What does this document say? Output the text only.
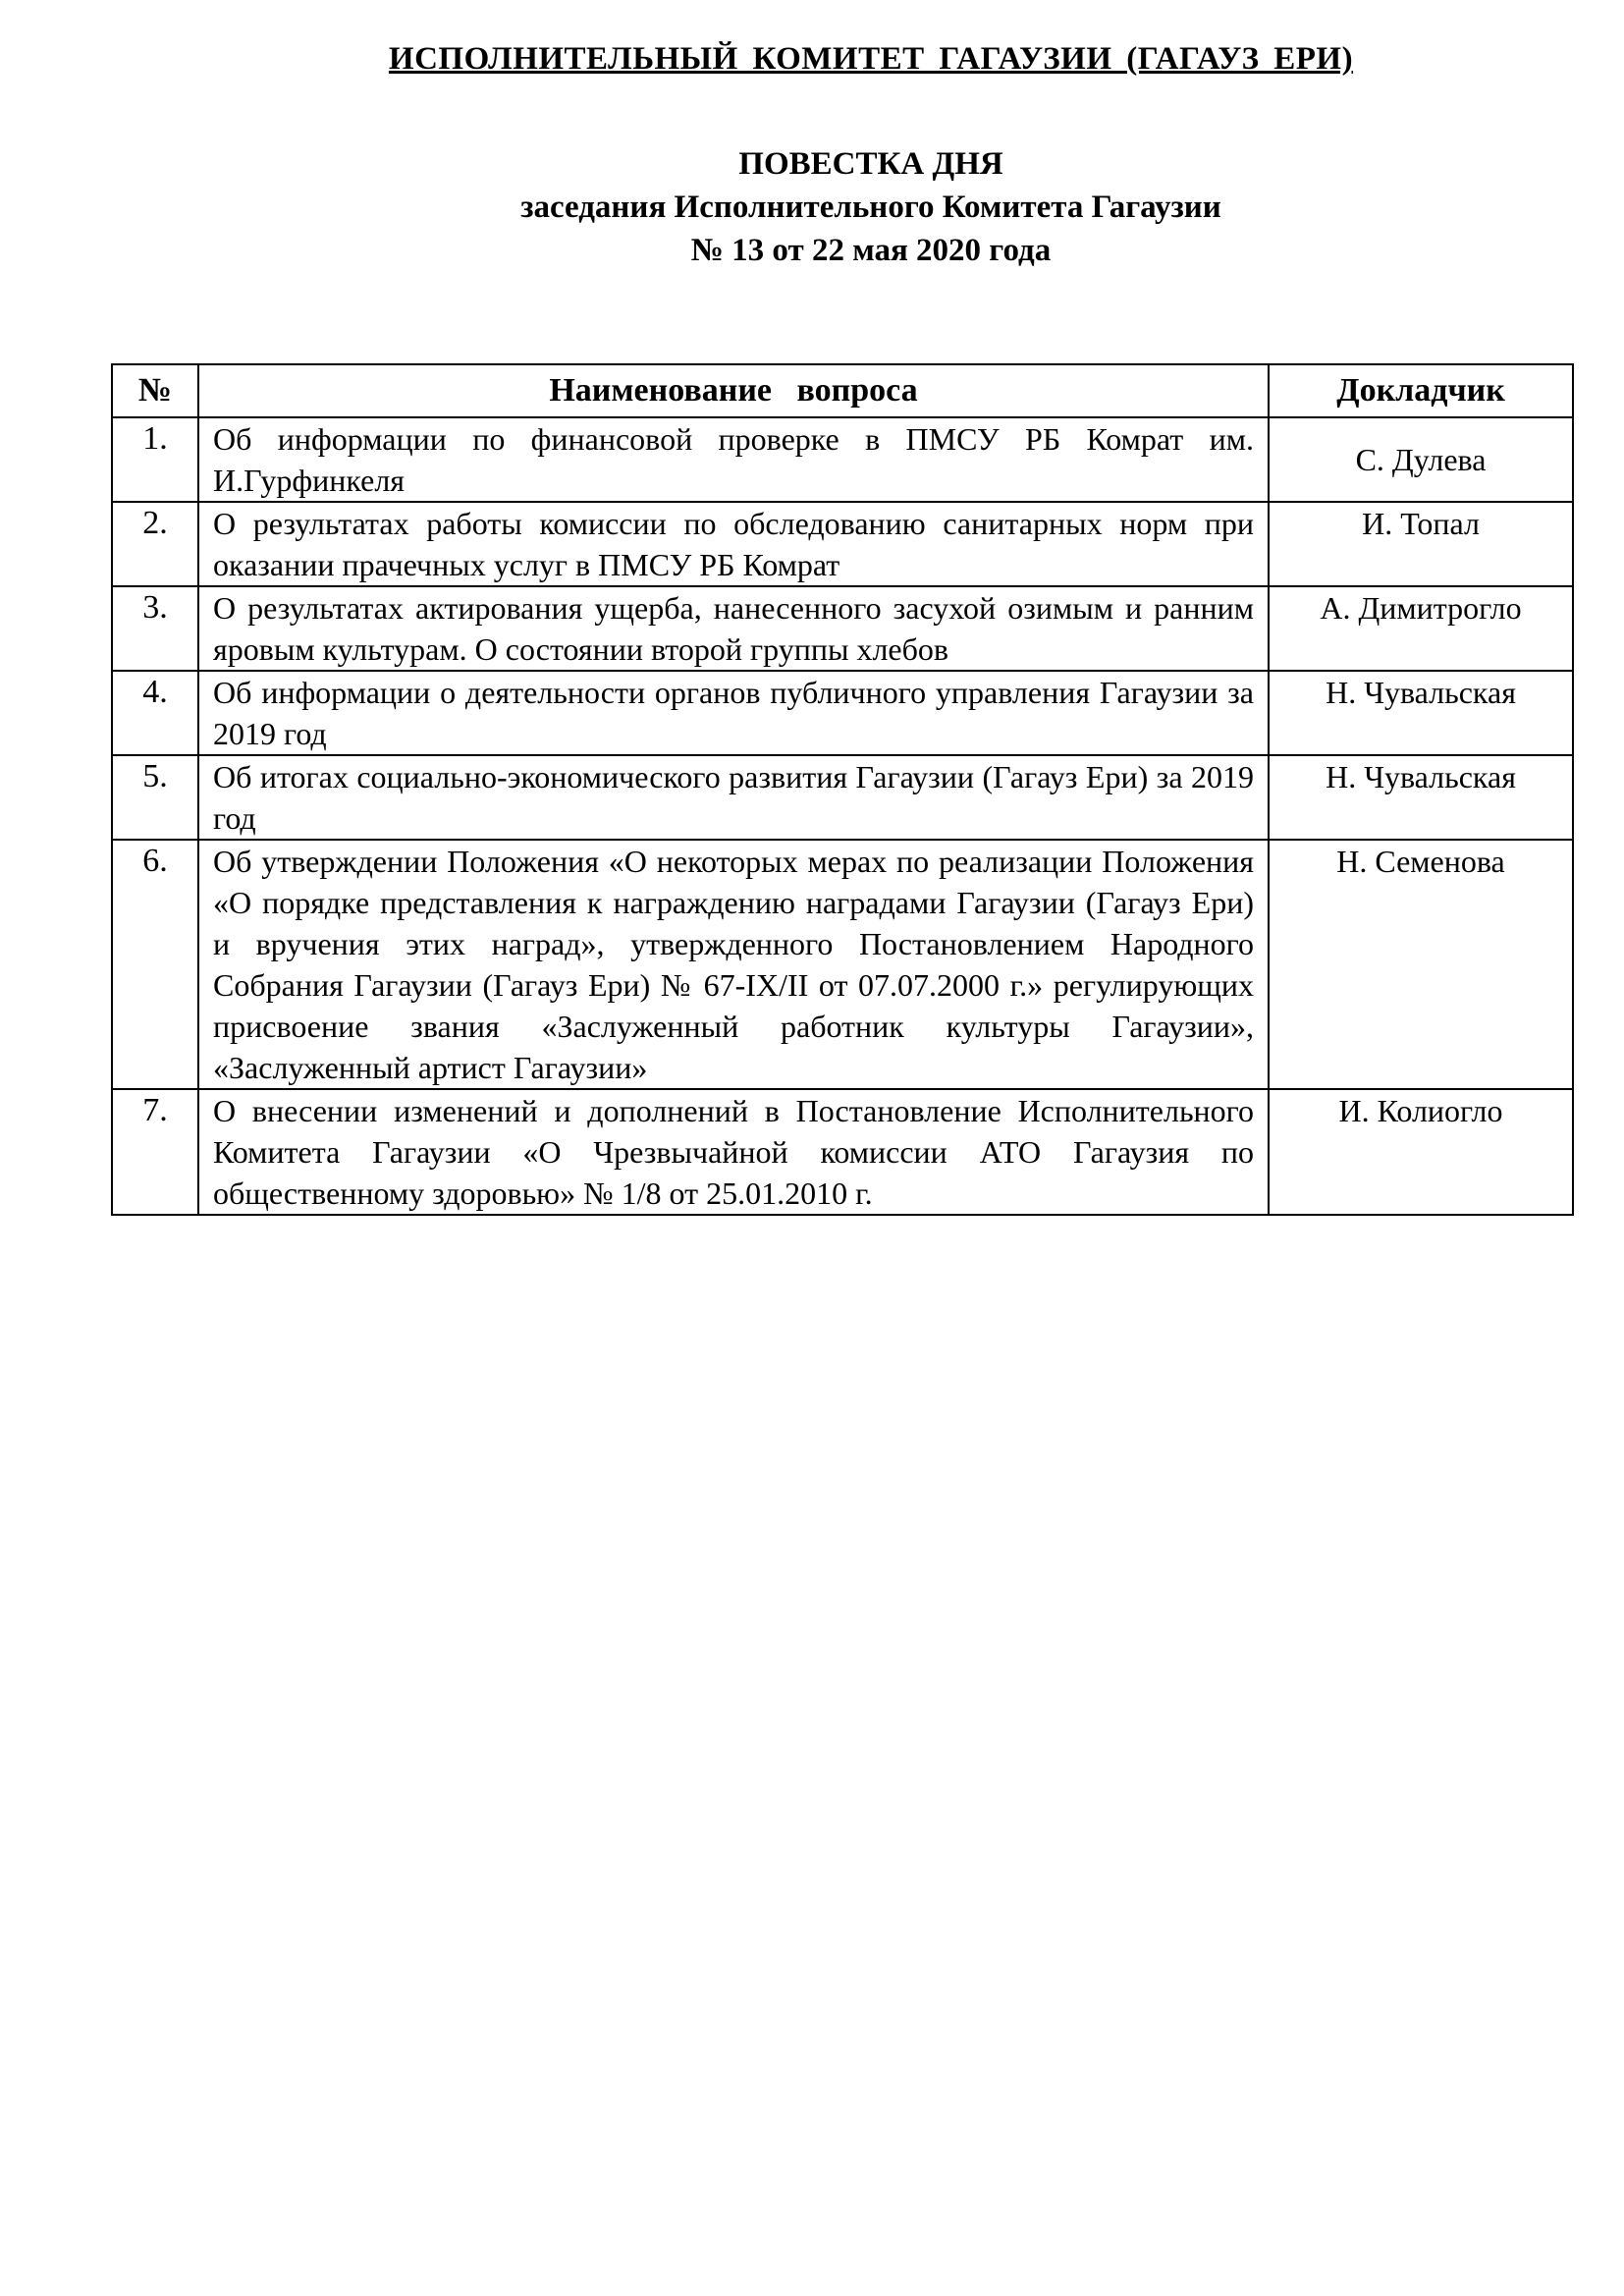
ИСПОЛНИТЕЛЬНЫЙ КОМИТЕТ ГАГАУЗИИ (ГАГАУЗ ЕРИ)
ПОВЕСТКА ДНЯ
заседания Исполнительного Комитета Гагаузии
№ 13 от 22 мая 2020 года
№	Наименование   вопроса	Докладчик
1.	Об информации по финансовой проверке в ПМСУ РБ Комрат им. И.Гурфинкеля	С. Дулева
2.	О результатах работы комиссии по обследованию санитарных норм при оказании прачечных услуг в ПМСУ РБ Комрат	И. Топал
3.	О результатах актирования ущерба, нанесенного засухой озимым и ранним яровым культурам. О состоянии второй группы хлебов	А. Димитрогло
4.	Об информации о деятельности органов публичного управления Гагаузии за 2019 год	Н. Чувальская
5.	Об итогах социально-экономического развития Гагаузии (Гагауз Ери) за 2019 год	Н. Чувальская
6.	Об утверждении Положения «О некоторых мерах по реализации Положения «О порядке представления к награждению наградами Гагаузии (Гагауз Ери) и вручения этих наград», утвержденного Постановлением Народного Собрания Гагаузии (Гагауз Ери) № 67-IX/II от 07.07.2000 г.» регулирующих присвоение звания «Заслуженный работник культуры Гагаузии», «Заслуженный артист Гагаузии»	Н. Семенова
7.	О внесении изменений и дополнений в Постановление Исполнительного Комитета Гагаузии «О Чрезвычайной комиссии АТО Гагаузия по общественному здоровью» № 1/8 от 25.01.2010 г.	И. Колиогло
